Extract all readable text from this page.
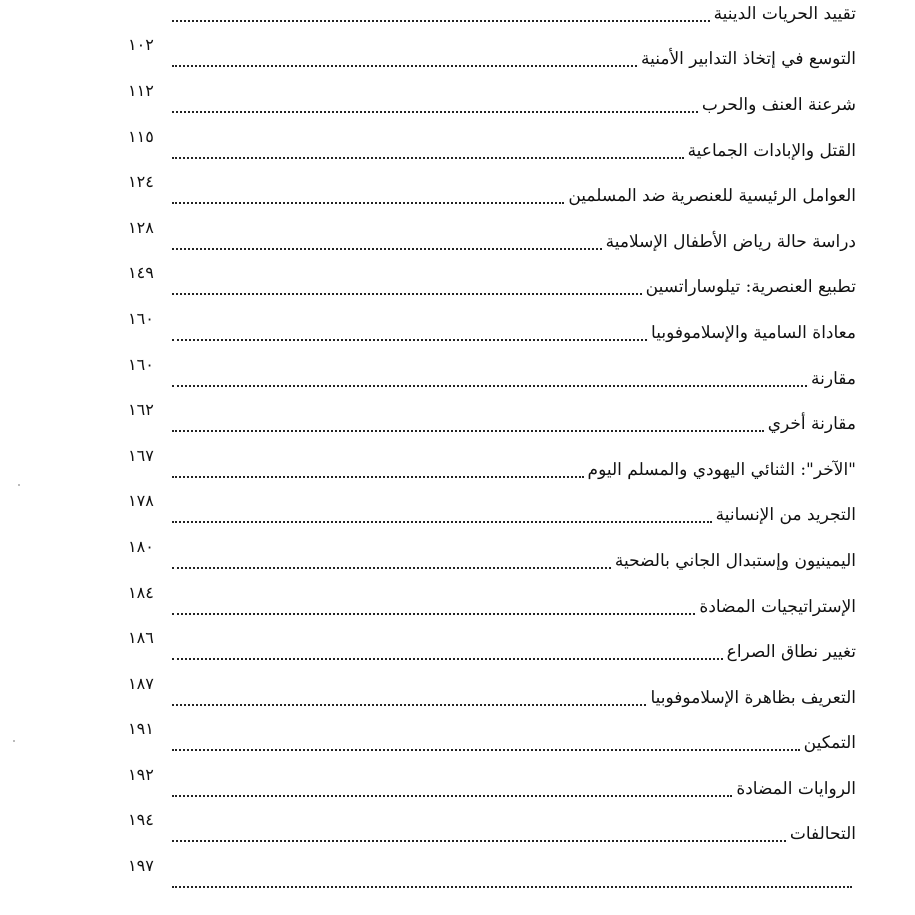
تقييد الحريات الدينية
التوسع في إتخاذ التدابير الأمنية
١٠٢
شرعنة العنف والحرب
١١٢
القتل والإبادات الجماعية
١١٥
العوامل الرئيسية للعنصرية ضد المسلمين
١٢٤
دراسة حالة رياض الأطفال الإسلامية
١٢٨
تطبيع العنصرية: تيلوساراتسين
١٤٩
معاداة السامية والإسلاموفوبيا
١٦٠
مقارنة
١٦٠
مقارنة أخري
١٦٢
"الآخر": الثنائي اليهودي والمسلم اليوم
١٦٧
التجريد من الإنسانية
١٧٨
اليمينيون وإستبدال الجاني بالضحية
١٨٠
الإستراتيجيات المضادة
١٨٤
تغيير نطاق الصراع
١٨٦
التعريف بظاهرة الإسلاموفوبيا
١٨٧
التمكين
١٩١
الروايات المضادة
١٩٢
التحالفات
١٩٤
١٩٧
